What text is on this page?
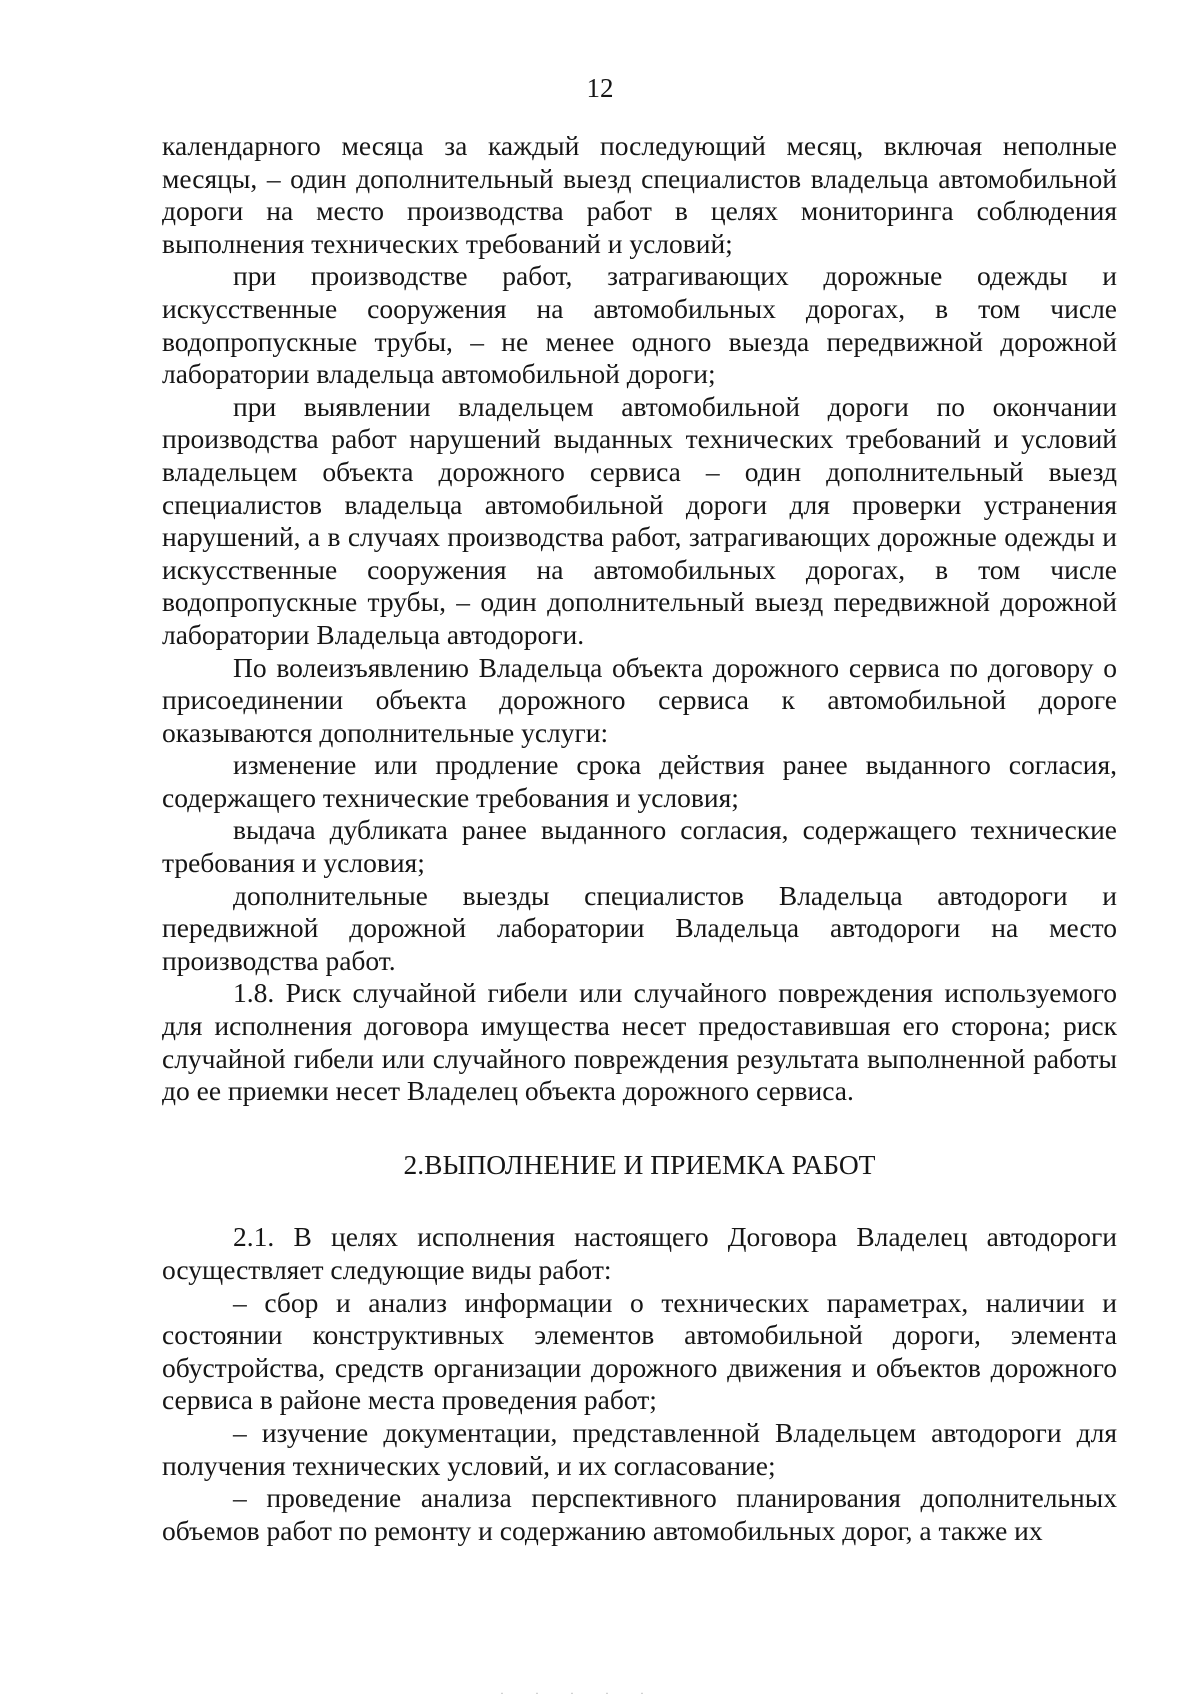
12

календарного месяца за каждый последующий месяц, включая неполные месяцы, – один дополнительный выезд специалистов владельца автомобильной дороги на место производства работ в целях мониторинга соблюдения выполнения технических требований и условий;

при производстве работ, затрагивающих дорожные одежды и искусственные сооружения на автомобильных дорогах, в том числе водопропускные трубы, – не менее одного выезда передвижной дорожной лаборатории владельца автомобильной дороги;

при выявлении владельцем автомобильной дороги по окончании производства работ нарушений выданных технических требований и условий владельцем объекта дорожного сервиса – один дополнительный выезд специалистов владельца автомобильной дороги для проверки устранения нарушений, а в случаях производства работ, затрагивающих дорожные одежды и искусственные сооружения на автомобильных дорогах, в том числе водопропускные трубы, – один дополнительный выезд передвижной дорожной лаборатории Владельца автодороги.

По волеизъявлению Владельца объекта дорожного сервиса по договору о присоединении объекта дорожного сервиса к автомобильной дороге оказываются дополнительные услуги:

изменение или продление срока действия ранее выданного согласия, содержащего технические требования и условия;

выдача дубликата ранее выданного согласия, содержащего технические требования и условия;

дополнительные выезды специалистов Владельца автодороги и передвижной дорожной лаборатории Владельца автодороги на место производства работ.

1.8. Риск случайной гибели или случайного повреждения используемого для исполнения договора имущества несет предоставившая его сторона; риск случайной гибели или случайного повреждения результата выполненной работы до ее приемки несет Владелец объекта дорожного сервиса.

2.ВЫПОЛНЕНИЕ И ПРИЕМКА РАБОТ

2.1. В целях исполнения настоящего Договора Владелец автодороги осуществляет следующие виды работ:

– сбор и анализ информации о технических параметрах, наличии и состоянии конструктивных элементов автомобильной дороги, элемента обустройства, средств организации дорожного движения и объектов дорожного сервиса в районе места проведения работ;

– изучение документации, представленной Владельцем автодороги для получения технических условий, и их согласование;

– проведение анализа перспективного планирования дополнительных объемов работ по ремонту и содержанию автомобильных дорог, а также их

· · · · ·
